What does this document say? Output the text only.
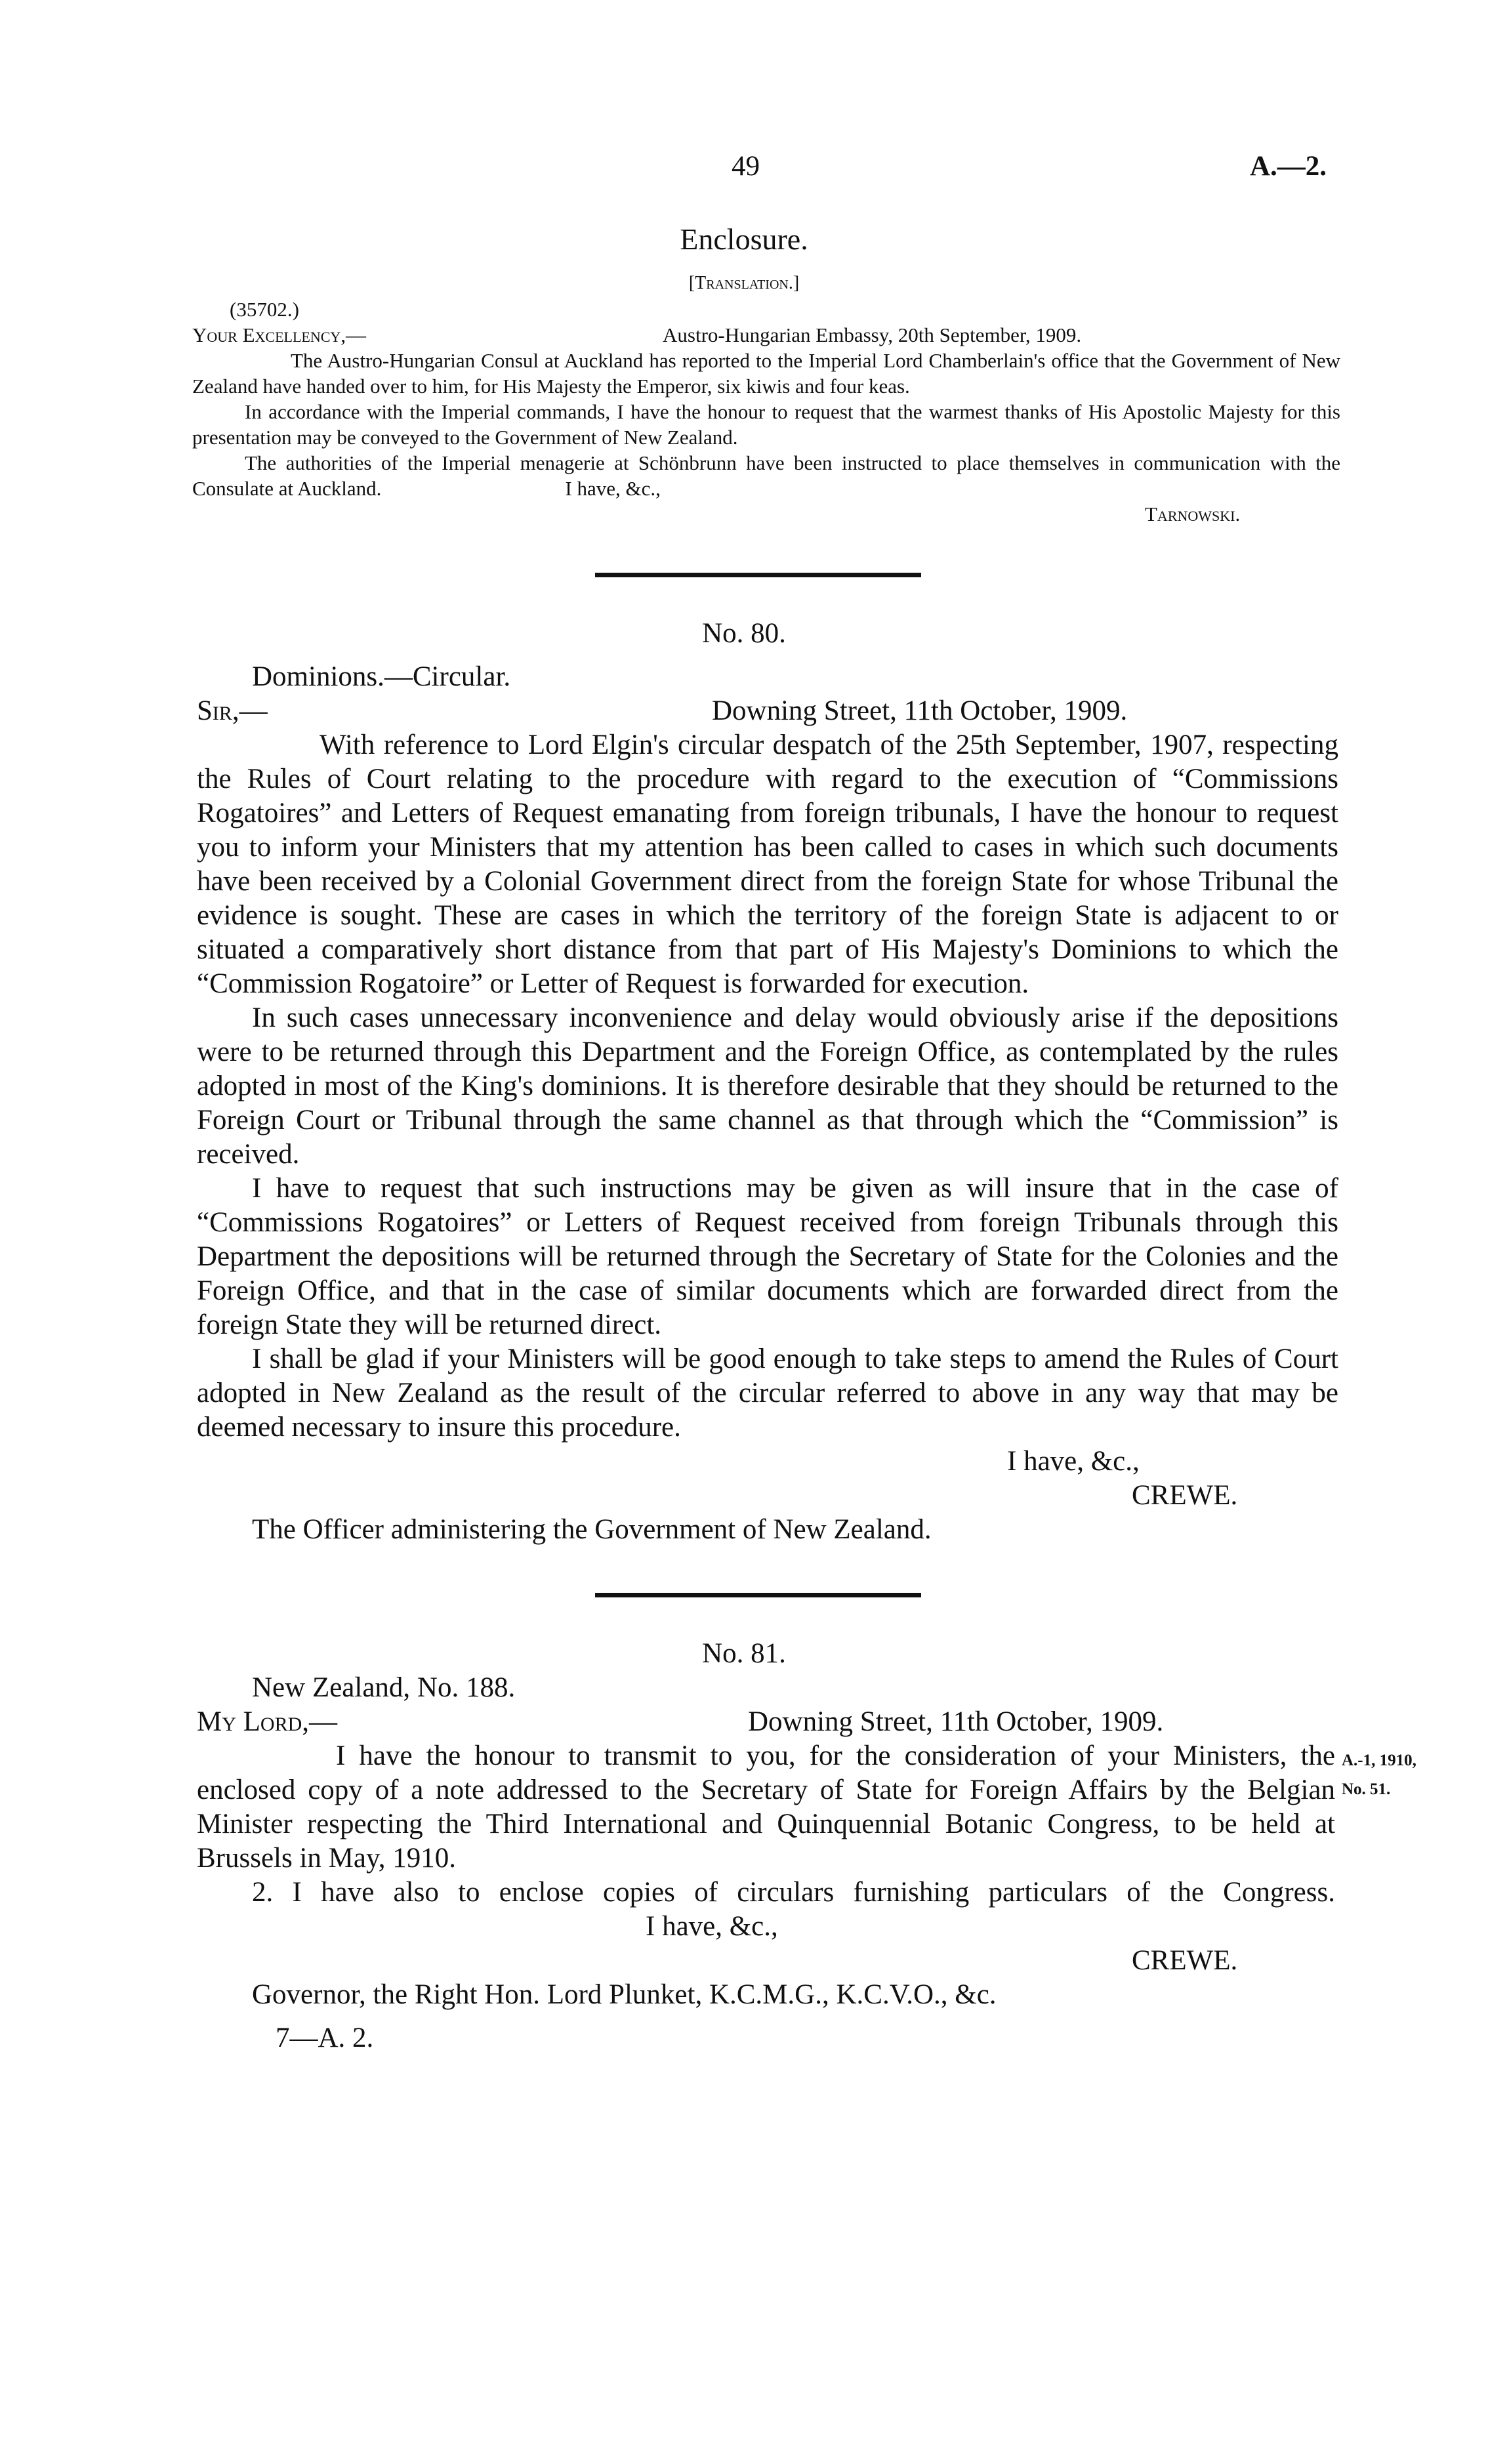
49	A.—2.
Enclosure.
[Translation.]
(35702.)
Your Excellency,—	Austro-Hungarian Embassy, 20th September, 1909.

The Austro-Hungarian Consul at Auckland has reported to the Imperial Lord Chamberlain's office that the Government of New Zealand have handed over to him, for His Majesty the Emperor, six kiwis and four keas.

In accordance with the Imperial commands, I have the honour to request that the warmest thanks of His Apostolic Majesty for this presentation may be conveyed to the Government of New Zealand.

The authorities of the Imperial menagerie at Schönbrunn have been instructed to place themselves in communication with the Consulate at Auckland.	I have, &c.,

Tarnowski.
No. 80.
Dominions.—Circular.
Sir,—	Downing Street, 11th October, 1909.

With reference to Lord Elgin's circular despatch of the 25th September, 1907, respecting the Rules of Court relating to the procedure with regard to the execution of “Commissions Rogatoires” and Letters of Request emanating from foreign tribunals, I have the honour to request you to inform your Ministers that my attention has been called to cases in which such documents have been received by a Colonial Government direct from the foreign State for whose Tribunal the evidence is sought. These are cases in which the territory of the foreign State is adjacent to or situated a comparatively short distance from that part of His Majesty's Dominions to which the “Commission Rogatoire” or Letter of Request is forwarded for execution.

In such cases unnecessary inconvenience and delay would obviously arise if the depositions were to be returned through this Department and the Foreign Office, as contemplated by the rules adopted in most of the King's dominions. It is therefore desirable that they should be returned to the Foreign Court or Tribunal through the same channel as that through which the “Commission” is received.

I have to request that such instructions may be given as will insure that in the case of “Commissions Rogatoires” or Letters of Request received from foreign Tribunals through this Department the depositions will be returned through the Secretary of State for the Colonies and the Foreign Office, and that in the case of similar documents which are forwarded direct from the foreign State they will be returned direct.

I shall be glad if your Ministers will be good enough to take steps to amend the Rules of Court adopted in New Zealand as the result of the circular referred to above in any way that may be deemed necessary to insure this procedure.

I have, &c.,
CREWE.
The Officer administering the Government of New Zealand.
No. 81.
New Zealand, No. 188.
My Lord,—	Downing Street, 11th October, 1909.

I have the honour to transmit to you, for the consideration of your Ministers, the enclosed copy of a note addressed to the Secretary of State for Foreign Affairs by the Belgian Minister respecting the Third International and Quinquennial Botanic Congress, to be held at Brussels in May, 1910.

2. I have also to enclose copies of circulars furnishing particulars of the Congress.I have, &c.,

A.-1, 1910,
No. 51.
CREWE.
Governor, the Right Hon. Lord Plunket, K.C.M.G., K.C.V.O., &c.
7—A. 2.
